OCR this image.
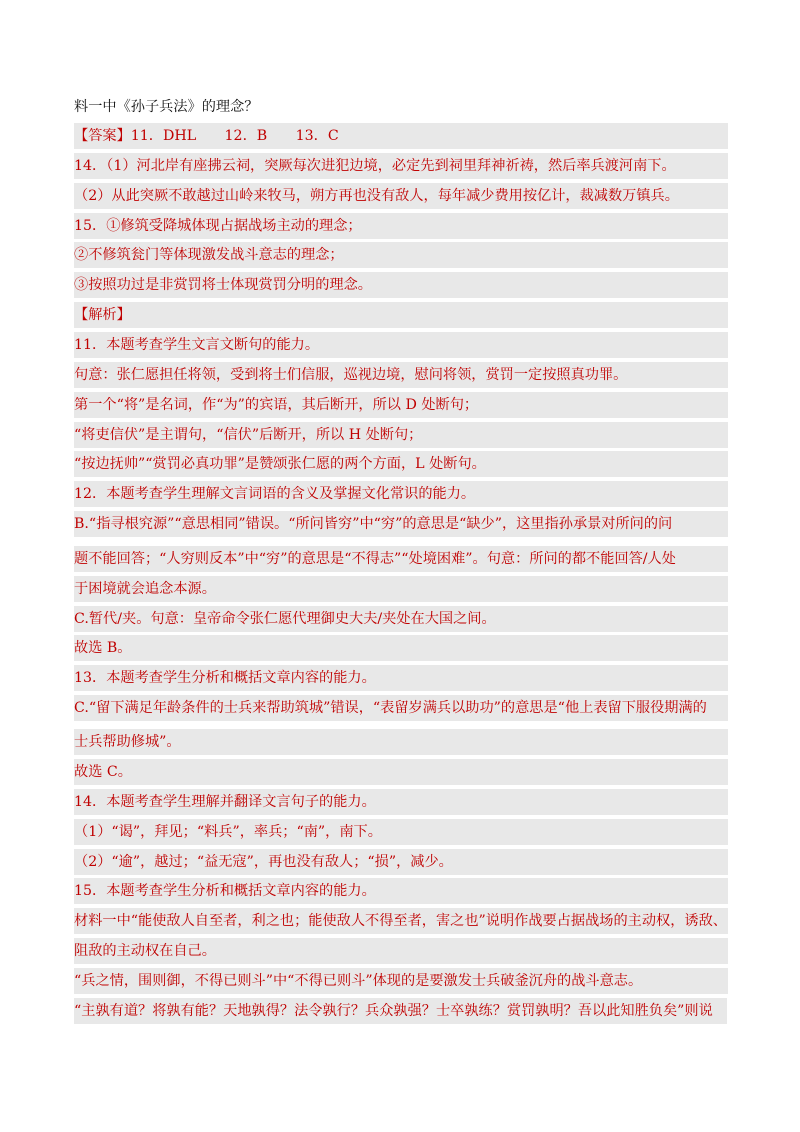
料一中《孙子兵法》的理念？
【答案】11．DHL　　12．B　　13．C
14．（1）河北岸有座拂云祠，突厥每次进犯边境，必定先到祠里拜神祈祷，然后率兵渡河南下。
（2）从此突厥不敢越过山岭来牧马，朔方再也没有敌人，每年减少费用按亿计，裁减数万镇兵。
15．①修筑受降城体现占据战场主动的理念；
②不修筑瓮门等体现激发战斗意志的理念；
③按照功过是非赏罚将士体现赏罚分明的理念。
【解析】
11．本题考查学生文言文断句的能力。
句意：张仁愿担任将领，受到将士们信服，巡视边境，慰问将领，赏罚一定按照真功罪。
第一个“将”是名词，作“为”的宾语，其后断开，所以 D 处断句；
“将吏信伏”是主谓句，“信伏”后断开，所以 H 处断句；
“按边抚帅”“赏罚必真功罪”是赞颂张仁愿的两个方面，L 处断句。
12．本题考查学生理解文言词语的含义及掌握文化常识的能力。
B.“指寻根究源”“意思相同”错误。“所问皆穷”中“穷”的意思是“缺少”，这里指孙承景对所问的问
题不能回答；“人穷则反本”中“穷”的意思是“不得志”“处境困难”。句意：所问的都不能回答/人处
于困境就会追念本源。
C.暂代/夹。句意：皇帝命令张仁愿代理御史大夫/夹处在大国之间。
故选 B。
13．本题考查学生分析和概括文章内容的能力。
C.“留下满足年龄条件的士兵来帮助筑城”错误，“表留岁满兵以助功”的意思是“他上表留下服役期满的
士兵帮助修城”。
故选 C。
14．本题考查学生理解并翻译文言句子的能力。
（1）“谒”，拜见；“料兵”，率兵；“南”，南下。
（2）“逾”，越过；“益无寇”，再也没有敌人；“损”，减少。
15．本题考查学生分析和概括文章内容的能力。
材料一中“能使敌人自至者，利之也；能使敌人不得至者，害之也”说明作战要占据战场的主动权，诱敌、
阻敌的主动权在自己。
“兵之情，围则御，不得已则斗”中“不得已则斗”体现的是要激发士兵破釜沉舟的战斗意志。
“主孰有道？将孰有能？天地孰得？法令孰行？兵众孰强？士卒孰练？赏罚孰明？吾以此知胜负矣”则说
